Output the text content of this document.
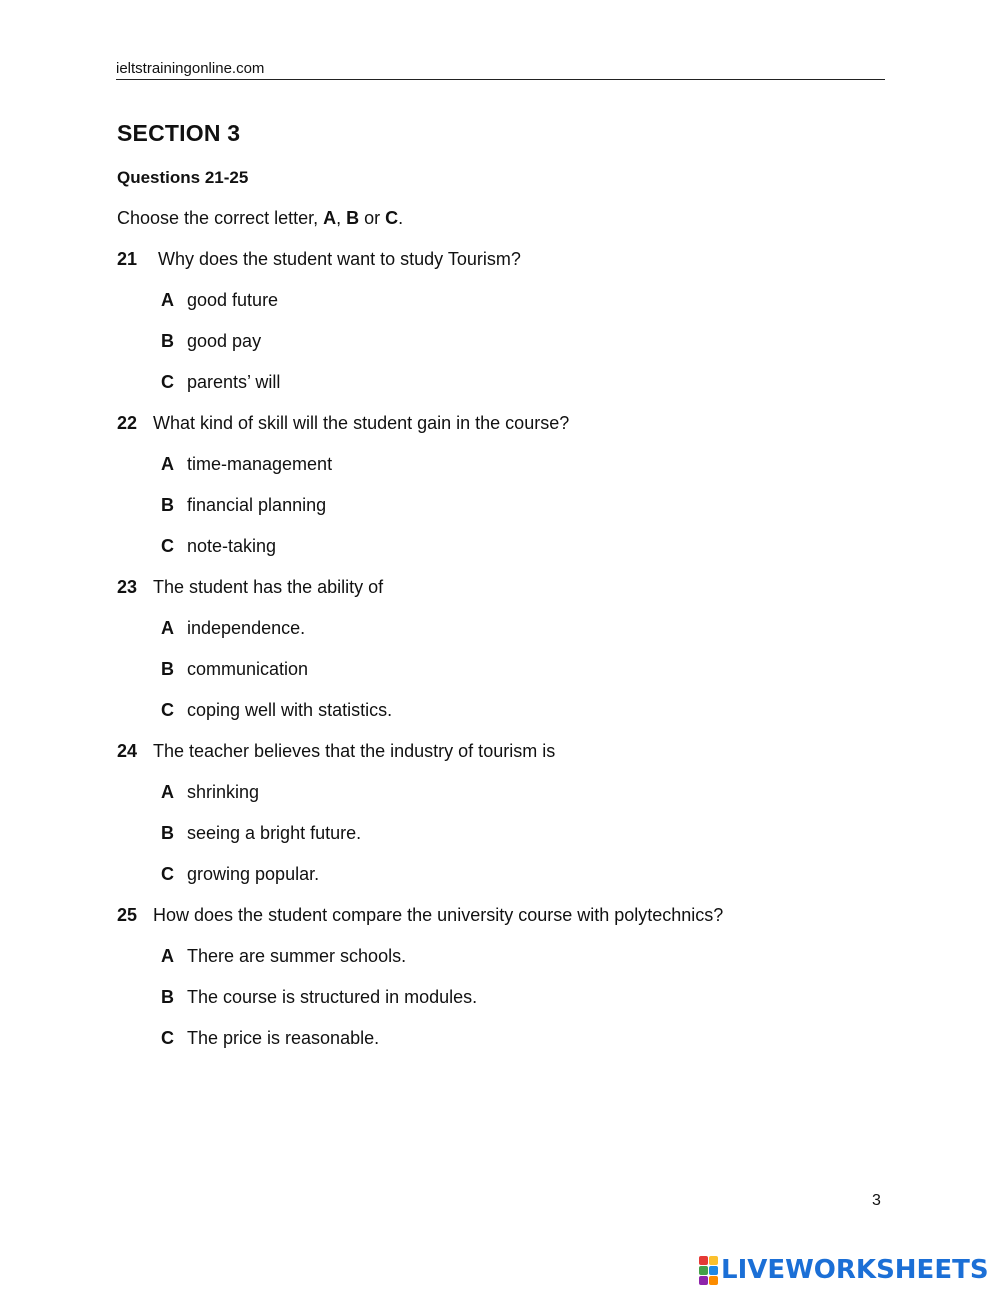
ieltstrainingonline.com
SECTION 3
Questions 21-25
Choose the correct letter, A, B or C.
21 Why does the student want to study Tourism?
A good future
B good pay
C parents’ will
22 What kind of skill will the student gain in the course?
A time-management
B financial planning
C note-taking
23 The student has the ability of
A independence.
B communication
C coping well with statistics.
24 The teacher believes that the industry of tourism is
A shrinking
B seeing a bright future.
C growing popular.
25 How does the student compare the university course with polytechnics?
A There are summer schools.
B The course is structured in modules.
C The price is reasonable.
3
LIVEWORKSHEETS
